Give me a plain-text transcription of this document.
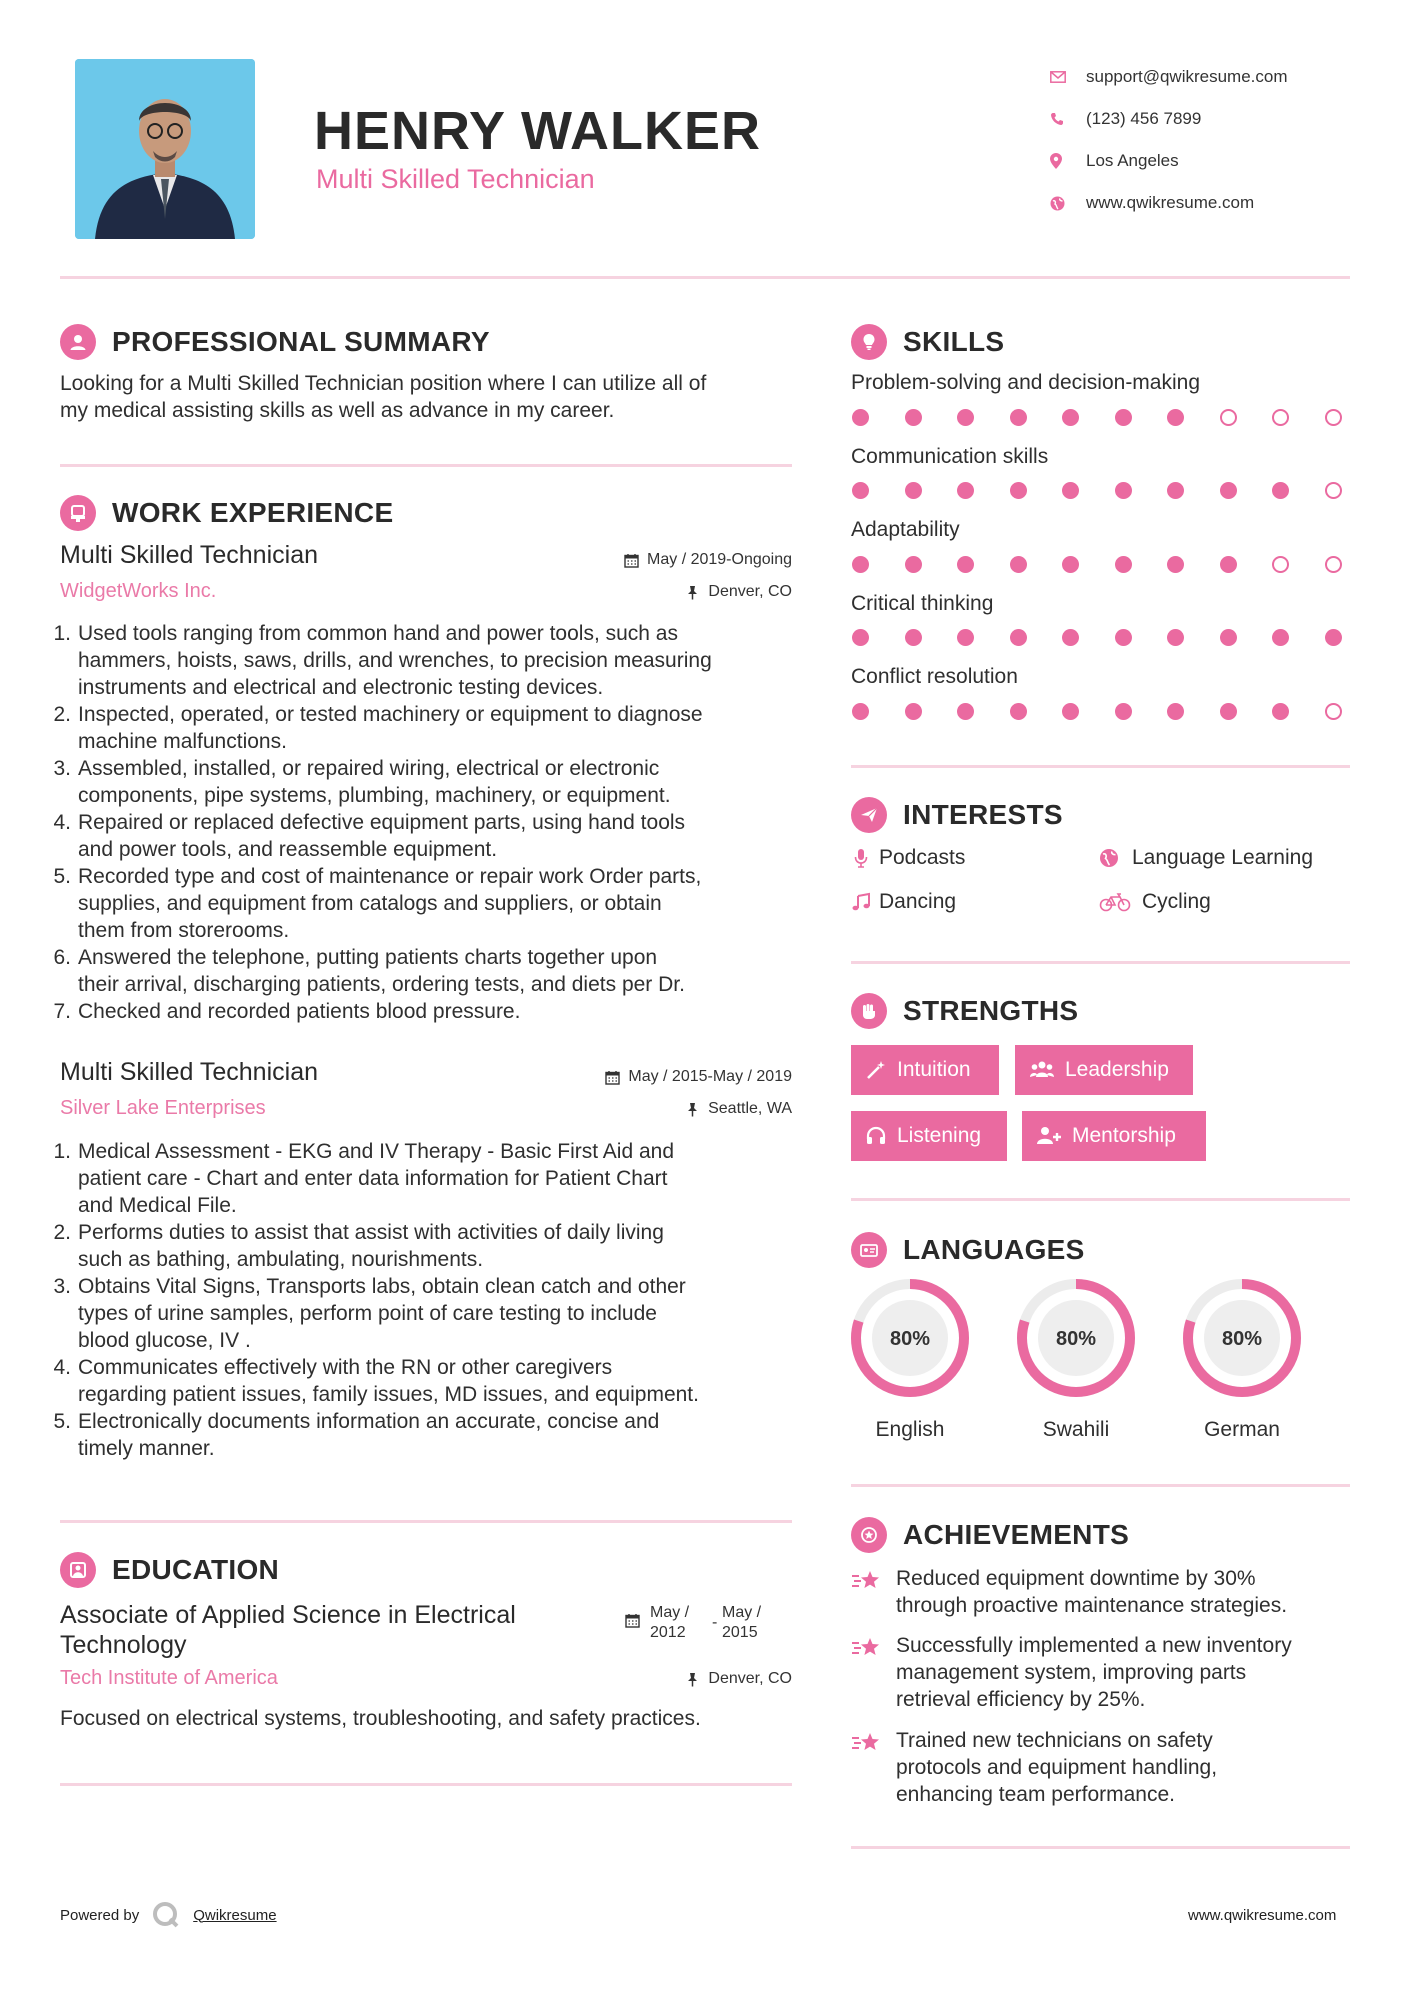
HENRY WALKER
Multi Skilled Technician
support@qwikresume.com
(123) 456 7899
Los Angeles
www.qwikresume.com
PROFESSIONAL SUMMARY
Looking for a Multi Skilled Technician position where I can utilize all of
my medical assisting skills as well as advance in my career.
WORK EXPERIENCE
Multi Skilled Technician
WidgetWorks Inc.
May / 2019-Ongoing
Denver, CO
1. Used tools ranging from common hand and power tools, such as
hammers, hoists, saws, drills, and wrenches, to precision measuring
instruments and electrical and electronic testing devices.
2. Inspected, operated, or tested machinery or equipment to diagnose
machine malfunctions.
3. Assembled, installed, or repaired wiring, electrical or electronic
components, pipe systems, plumbing, machinery, or equipment.
4. Repaired or replaced defective equipment parts, using hand tools
and power tools, and reassemble equipment.
5. Recorded type and cost of maintenance or repair work Order parts,
supplies, and equipment from catalogs and suppliers, or obtain
them from storerooms.
6. Answered the telephone, putting patients charts together upon
their arrival, discharging patients, ordering tests, and diets per Dr.
7. Checked and recorded patients blood pressure.
Multi Skilled Technician
Silver Lake Enterprises
May / 2015-May / 2019
Seattle, WA
1. Medical Assessment - EKG and IV Therapy - Basic First Aid and
patient care - Chart and enter data information for Patient Chart
and Medical File.
2. Performs duties to assist that assist with activities of daily living
such as bathing, ambulating, nourishments.
3. Obtains Vital Signs, Transports labs, obtain clean catch and other
types of urine samples, perform point of care testing to include
blood glucose, IV .
4. Communicates effectively with the RN or other caregivers
regarding patient issues, family issues, MD issues, and equipment.
5. Electronically documents information an accurate, concise and
timely manner.
EDUCATION
Associate of Applied Science in Electrical
Technology
May /
2012
-
May /
2015
Tech Institute of America	Denver, CO
Focused on electrical systems, troubleshooting, and safety practices.
SKILLS
Problem-solving and decision-making
Communication skills
Adaptability
Critical thinking
Conflict resolution
INTERESTS
Podcasts	Language Learning
Dancing	Cycling
STRENGTHS
Intuition	Leadership
Listening	Mentorship
LANGUAGES
80%
English
80%
Swahili
80%
German
ACHIEVEMENTS
Reduced equipment downtime by 30%
through proactive maintenance strategies.
Successfully implemented a new inventory
management system, improving parts
retrieval efficiency by 25%.
Trained new technicians on safety
protocols and equipment handling,
enhancing team performance.
Powered by	Qwikresume	www.qwikresume.com
